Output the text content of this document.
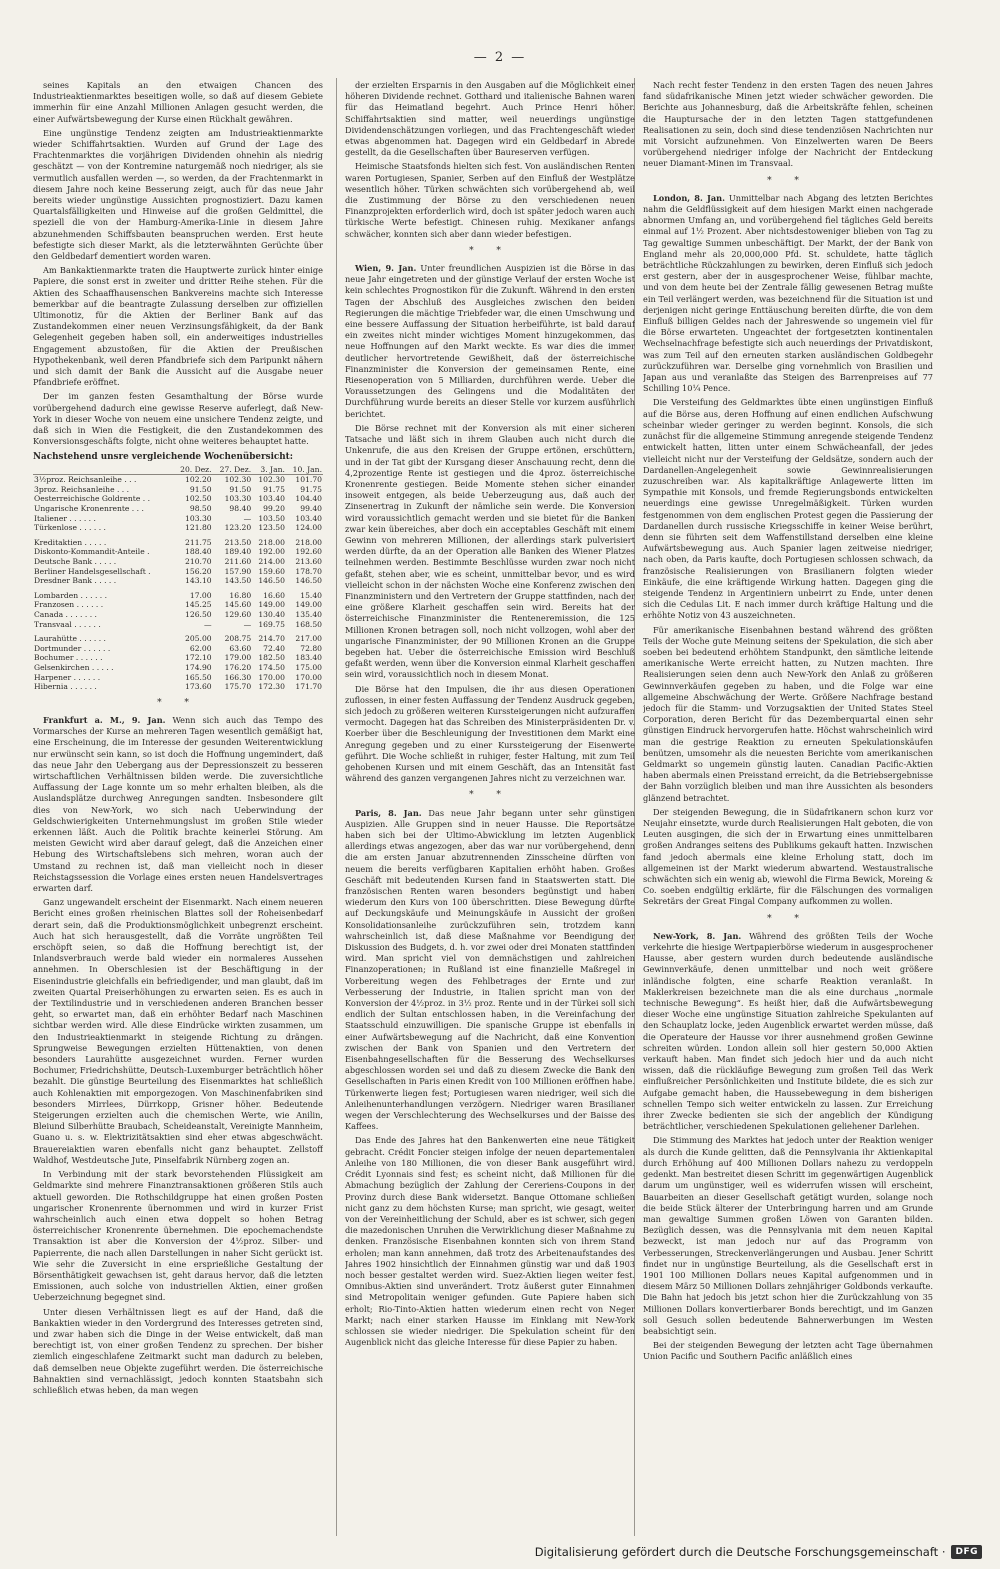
— 2 —

seines Kapitals an den etwaigen Chancen des Industrieaktienmarktes beseitigen wolle, so daß auf diesem Gebiete immerhin für eine Anzahl Millionen Anlagen gesucht werden, die einer Aufwärtsbewegung der Kurse einen Rückhalt gewähren.

Eine ungünstige Tendenz zeigten am Industrieaktienmarkte wieder Schiffahrtsaktien. Wurden auf Grund der Lage des Frachtenmarktes die vorjährigen Dividenden ohnehin als niedrig geschätzt — von der Kontremine naturgemäß noch niedriger, als sie vermutlich ausfallen werden —, so werden, da der Frachtenmarkt in diesem Jahre noch keine Besserung zeigt, auch für das neue Jahr bereits wieder ungünstige Aussichten prognostiziert. Dazu kamen Quartalsfälligkeiten und Hinweise auf die großen Geldmittel, die speziell die von der Hamburg-Amerika-Linie in diesem Jahre abzunehmenden Schiffsbauten beanspruchen werden. Erst heute befestigte sich dieser Markt, als die letzterwähnten Gerüchte über den Geldbedarf dementiert worden waren.

Am Bankaktienmarkte traten die Hauptwerte zurück hinter einige Papiere, die sonst erst in zweiter und dritter Reihe stehen. Für die Aktien des Schaaffhausenschen Bankvereins machte sich Interesse bemerkbar auf die beantragte Zulassung derselben zur offiziellen Ultimonotiz, für die Aktien der Berliner Bank auf das Zustandekommen einer neuen Verzinsungsfähigkeit, da der Bank Gelegenheit gegeben haben soll, ein anderweitiges industrielles Engagement abzustoßen, für die Aktien der Preußischen Hypothekenbank, weil deren Pfandbriefe sich dem Paripunkt nähern und sich damit der Bank die Aussicht auf die Ausgabe neuer Pfandbriefe eröffnet.

Der im ganzen festen Gesamthaltung der Börse wurde vorübergehend dadurch eine gewisse Reserve auferlegt, daß New-York in dieser Woche von neuem eine unsichere Tendenz zeigte, und daß sich in Wien die Festigkeit, die den Zustandekommen des Konversionsgeschäfts folgte, nicht ohne weiteres behauptet hatte.

Nachstehend unsre vergleichende Wochenübersicht:
	20. Dez.	27. Dez.	3. Jan.	10. Jan.
3½proz. Reichsanleihe . . .	102.20	102.30	102.30	101.70
3proz. Reichsanleihe . . .	91.50	91.50	91.75	91.75
Oesterreichische Goldrente . .	102.50	103.30	103.40	104.40
Ungarische Kronenrente . . .	98.50	98.40	99.20	99.40
Italiener . . . . . .	103.30	—	103.50	103.40
Türkenlose . . . . . .	121.80	123.20	123.50	124.00

Kreditaktien . . . . .	211.75	213.50	218.00	218.00
Diskonto-Kommandit-Anteile .	188.40	189.40	192.00	192.60
Deutsche Bank . . . . .	210.70	211.60	214.00	213.60
Berliner Handelsgesellschaft .	156.20	157.90	159.60	178.70
Dresdner Bank . . . . .	143.10	143.50	146.50	146.50

Lombarden . . . . . .	17.00	16.80	16.60	15.40
Franzosen . . . . . .	145.25	145.60	149.00	149.00
Canada . . . . . . .	126.50	129.60	130.40	135.40
Transvaal . . . . . .	—	—	169.75	168.50

Laurahütte . . . . . .	205.00	208.75	214.70	217.00
Dortmunder . . . . . .	62.00	63.60	72.40	72.80
Bochumer . . . . . .	172.10	179.00	182.50	183.40
Gelsenkirchen . . . . .	174.90	176.20	174.50	175.00
Harpener . . . . . .	165.50	166.30	170.00	170.00
Hibernia . . . . . .	173.60	175.70	172.30	171.70
* *

Frankfurt a. M., 9. Jan. Wenn sich auch das Tempo des Vormarsches der Kurse an mehreren Tagen wesentlich gemäßigt hat, eine Erscheinung, die im Interesse der gesunden Weiterentwicklung nur erwünscht sein kann, so ist doch die Hoffnung ungemindert, daß das neue Jahr den Uebergang aus der Depressionszeit zu besseren wirtschaftlichen Verhältnissen bilden werde. Die zuversichtliche Auffassung der Lage konnte um so mehr erhalten bleiben, als die Auslandsplätze durchweg Anregungen sandten. Insbesondere gilt dies von New-York, wo sich nach Ueberwindung der Geldschwierigkeiten Unternehmungslust im großen Stile wieder erkennen läßt. Auch die Politik brachte keinerlei Störung. Am meisten Gewicht wird aber darauf gelegt, daß die Anzeichen einer Hebung des Wirtschaftslebens sich mehren, woran auch der Umstand zu rechnen ist, daß man vielleicht noch in dieser Reichstagssession die Vorlage eines ersten neuen Handelsvertrages erwarten darf.

Ganz ungewandelt erscheint der Eisenmarkt. Nach einem neueren Bericht eines großen rheinischen Blattes soll der Roheisenbedarf derart sein, daß die Produktionsmöglichkeit unbegrenzt erscheint. Auch hat sich herausgestellt, daß die Vorräte ungrößten Teil erschöpft seien, so daß die Hoffnung berechtigt ist, der Inlandsverbrauch werde bald wieder ein normaleres Aussehen annehmen. In Oberschlesien ist der Beschäftigung in der Eisenindustrie gleichfalls ein befriedigender, und man glaubt, daß im zweiten Quartal Preiserhöhungen zu erwarten seien. Es es auch in der Textilindustrie und in verschiedenen anderen Branchen besser geht, so erwartet man, daß ein erhöhter Bedarf nach Maschinen sichtbar werden wird. Alle diese Eindrücke wirkten zusammen, um den Industrieaktienmarkt in steigende Richtung zu drängen. Sprungweise Bewegungen erzielten Hüttenaktien, von denen besonders Laurahütte ausgezeichnet wurden. Ferner wurden Bochumer, Friedrichshütte, Deutsch-Luxemburger beträchtlich höher bezahlt. Die günstige Beurteilung des Eisenmarktes hat schließlich auch Kohlenaktien mit emporgezogen. Von Maschinenfabriken sind besonders Mirrlees, Dürrkopp, Grisner höher. Bedeutende Steigerungen erzielten auch die chemischen Werte, wie Anilin, Bleiund Silberhütte Braubach, Scheideanstalt, Vereinigte Mannheim, Guano u. s. w. Elektrizitätsaktien sind eher etwas abgeschwächt. Brauereiaktien waren ebenfalls nicht ganz behauptet. Zellstoff Waldhof, Westdeutsche Jute, Pinselfabrik Nürnberg zogen an.

In Verbindung mit der stark bevorstehenden Flüssigkeit am Geldmarkte sind mehrere Finanztransaktionen größeren Stils auch aktuell geworden. Die Rothschildgruppe hat einen großen Posten ungarischer Kronenrente übernommen und wird in kurzer Frist wahrscheinlich auch einen etwa doppelt so hohen Betrag österreichischer Kronenrente übernehmen. Die epochemachendste Transaktion ist aber die Konversion der 4½proz. Silber- und Papierrente, die nach allen Darstellungen in naher Sicht gerückt ist. Wie sehr die Zuversicht in eine ersprießliche Gestaltung der Börsenthätigkeit gewachsen ist, geht daraus hervor, daß die letzten Emissionen, auch solche von industriellen Aktien, einer großen Ueberzeichnung begegnet sind.

Unter diesen Verhältnissen liegt es auf der Hand, daß die Bankaktien wieder in den Vordergrund des Interesses getreten sind, und zwar haben sich die Dinge in der Weise entwickelt, daß man berechtigt ist, von einer großen Tendenz zu sprechen. Der bisher ziemlich eingeschlafene Zeitmarkt sucht man dadurch zu beleben, daß demselben neue Objekte zugeführt werden. Die österreichische Bahnaktien sind vernachlässigt, jedoch konnten Staatsbahn sich schließlich etwas heben, da man wegen

der erzielten Ersparnis in den Ausgaben auf die Möglichkeit einer höheren Dividende rechnet. Gotthard und italienische Bahnen waren für das Heimatland begehrt. Auch Prince Henri höher. Schiffahrtsaktien sind matter, weil neuerdings ungünstige Dividendenschätzungen vorliegen, und das Frachtengeschäft wieder etwas abgenommen hat. Dagegen wird ein Geldbedarf in Abrede gestellt, da die Gesellschaften über Baureserven verfügen.

Heimische Staatsfonds hielten sich fest. Von ausländischen Renten waren Portugiesen, Spanier, Serben auf den Einfluß der Westplätze wesentlich höher. Türken schwächten sich vorübergehend ab, weil die Zustimmung der Börse zu den verschiedenen neuen Finanzprojekten erforderlich wird, doch ist später jedoch waren auch türkische Werte befestigt. Chinesen ruhig. Mexikaner anfangs schwächer, konnten sich aber dann wieder befestigen.

* *

Wien, 9. Jan. Unter freundlichen Auspizien ist die Börse in das neue Jahr eingetreten und der günstige Verlauf der ersten Woche ist kein schlechtes Prognostikon für die Zukunft. Während in den ersten Tagen der Abschluß des Ausgleiches zwischen den beiden Regierungen die mächtige Triebfeder war, die einen Umschwung und eine bessere Auffassung der Situation herbeiführte, ist bald darauf ein zweites nicht minder wichtiges Moment hinzugekommen, das neue Hoffnungen auf den Markt weckte. Es war dies die immer deutlicher hervortretende Gewißheit, daß der österreichische Finanzminister die Konversion der gemeinsamen Rente, eine Riesenoperation von 5 Milliarden, durchführen werde. Ueber die Voraussetzungen des Gelingens und die Modalitäten der Durchführung wurde bereits an dieser Stelle vor kurzem ausführlich berichtet.

Die Börse rechnet mit der Konversion als mit einer sicheren Tatsache und läßt sich in ihrem Glauben auch nicht durch die Unkenrufe, die aus den Kreisen der Gruppe ertönen, erschüttern, und in der Tat gibt der Kursgang dieser Anschauung recht, denn die 4,2prozentige Rente ist gestiegen und die 4proz. österreichische Kronenrente gestiegen. Beide Momente stehen sicher einander insoweit entgegen, als beide Ueberzeugung aus, daß auch der Zinsenertrag in Zukunft der nämliche sein werde. Die Konversion wird voraussichtlich gemacht werden und sie bietet für die Banken zwar kein übereiches, aber doch ein acceptables Geschäft mit einem Gewinn von mehreren Millionen, der allerdings stark pulverisiert werden dürfte, da an der Operation alle Banken des Wiener Platzes teilnehmen werden. Bestimmte Beschlüsse wurden zwar noch nicht gefaßt, stehen aber, wie es scheint, unmittelbar bevor, und es wird vielleicht schon in der nächsten Woche eine Konferenz zwischen den Finanzministern und den Vertretern der Gruppe stattfinden, nach der eine größere Klarheit geschaffen sein wird. Bereits hat der österreichische Finanzminister die Renteneremission, die 125 Millionen Kronen betragen soll, noch nicht vollzogen, wohl aber der ungarische Finanzminister, der 90 Millionen Kronen an die Gruppe begeben hat. Ueber die österreichische Emission wird Beschluß gefaßt werden, wenn über die Konversion einmal Klarheit geschaffen sein wird, voraussichtlich noch in diesem Monat.

Die Börse hat den Impulsen, die ihr aus diesen Operationen zuflossen, in einer festen Auffassung der Tendenz Ausdruck gegeben, sich jedoch zu größeren weiteren Kurssteigerungen nicht aufzuraffen vermocht. Dagegen hat das Schreiben des Ministerpräsidenten Dr. v. Koerber über die Beschleunigung der Investitionen dem Markt eine Anregung gegeben und zu einer Kurssteigerung der Eisenwerte geführt. Die Woche schließt in ruhiger, fester Haltung, mit zum Teil gehobenen Kursen und mit einem Geschäft, das an Intensität fast während des ganzen vergangenen Jahres nicht zu verzeichnen war.

* *

Paris, 8. Jan. Das neue Jahr begann unter sehr günstigen Auspizien. Alle Gruppen sind in neuer Hausse. Die Reportsätze haben sich bei der Ultimo-Abwicklung im letzten Augenblick allerdings etwas angezogen, aber das war nur vorübergehend, denn die am ersten Januar abzutrennenden Zinsscheine dürften von neuem die bereits verfügbaren Kapitalien erhöht haben. Großes Geschäft mit bedeutenden Kursen fand in Staatswerten statt. Die französischen Renten waren besonders begünstigt und haben wiederum den Kurs von 100 überschritten. Diese Bewegung dürfte auf Deckungskäufe und Meinungskäufe in Aussicht der großen Konsolidationsanleihe zurückzuführen sein, trotzdem kann wahrscheinlich ist, daß diese Maßnahme vor Beendigung der Diskussion des Budgets, d. h. vor zwei oder drei Monaten stattfinden wird. Man spricht viel von demnächstigen und zahlreichen Finanzoperationen; in Rußland ist eine finanzielle Maßregel in Vorbereitung wegen des Fehlbetrages der Ernte und zur Verbesserung der Industrie, in Italien spricht man von der Konversion der 4½proz. in 3½ proz. Rente und in der Türkei soll sich endlich der Sultan entschlossen haben, in die Vereinfachung der Staatsschuld einzuwilligen. Die spanische Gruppe ist ebenfalls in einer Aufwärtsbewegung auf die Nachricht, daß eine Konvention zwischen der Bank von Spanien und den Vertretern der Eisenbahngesellschaften für die Besserung des Wechselkurses abgeschlossen worden sei und daß zu diesem Zwecke die Bank den Gesellschaften in Paris einen Kredit von 100 Millionen eröffnen habe. Türkenwerte liegen fest; Portugiesen waren niedriger, weil sich die Anleihenunterhandlungen verzögern. Niedriger waren Brasilianer wegen der Verschlechterung des Wechselkurses und der Baisse des Kaffees.

Das Ende des Jahres hat den Bankenwerten eine neue Tätigkeit gebracht. Crédit Foncier steigen infolge der neuen departementalen Anleihe von 180 Millionen, die von dieser Bank ausgeführt wird. Crédit Lyonnais sind fest; es scheint nicht, daß Millionen für die Abmachung bezüglich der Zahlung der Cereriens-Coupons in der Provinz durch diese Bank widersetzt. Banque Ottomane schließen nicht ganz zu dem höchsten Kurse; man spricht, wie gesagt, weiter von der Vereinheitlichung der Schuld, aber es ist schwer, sich gegen die mazedonischen Unruhen die Verwirklichung dieser Maßnahme zu denken. Französische Eisenbahnen konnten sich von ihrem Stand erholen; man kann annehmen, daß trotz des Arbeitenaufstandes des Jahres 1902 hinsichtlich der Einnahmen günstig war und daß 1903 noch besser gestaltet werden wird. Suez-Aktien liegen weiter fest. Omnibus-Aktien sind unverändert. Trotz äußerst guter Einnahmen sind Metropolitain weniger gefunden. Gute Papiere haben sich erholt; Rio-Tinto-Aktien hatten wiederum einen recht von Neger Markt; nach einer starken Hausse im Einklang mit New-York schlossen sie wieder niedriger. Die Spekulation scheint für den Augenblick nicht das gleiche Interesse für diese Papier zu haben.

Nach recht fester Tendenz in den ersten Tagen des neuen Jahres fand südafrikanische Minen jetzt wieder schwächer geworden. Die Berichte aus Johannesburg, daß die Arbeitskräfte fehlen, scheinen die Hauptursache der in den letzten Tagen stattgefundenen Realisationen zu sein, doch sind diese tendenziösen Nachrichten nur mit Vorsicht aufzunehmen. Von Einzelwerten waren De Beers vorübergehend niedriger infolge der Nachricht der Entdeckung neuer Diamant-Minen im Transvaal.

* *

London, 8. Jan. Unmittelbar nach Abgang des letzten Berichtes nahm die Geldflüssigkeit auf dem hiesigen Markt einen nachgerade abnormen Umfang an, und vorübergehend fiel tägliches Geld bereits einmal auf 1½ Prozent. Aber nichtsdestoweniger blieben von Tag zu Tag gewaltige Summen unbeschäftigt. Der Markt, der der Bank von England mehr als 20,000,000 Pfd. St. schuldete, hatte täglich beträchtliche Rückzahlungen zu bewirken, deren Einfluß sich jedoch erst gestern, aber der in ausgesprochener Weise, fühlbar machte, und von dem heute bei der Zentrale fällig gewesenen Betrag mußte ein Teil verlängert werden, was bezeichnend für die Situation ist und derjenigen nicht geringe Enttäuschung bereiten dürfte, die von dem Einfluß billigen Geldes nach der Jahreswende so ungemein viel für die Börse erwarteten. Ungeachtet der fortgesetzten kontinentalen Wechselnachfrage befestigte sich auch neuerdings der Privatdiskont, was zum Teil auf den erneuten starken ausländischen Goldbegehr zurückzuführen war. Derselbe ging vornehmlich von Brasilien und Japan aus und veranlaßte das Steigen des Barrenpreises auf 77 Schilling 10¼ Pence.

Die Versteifung des Geldmarktes übte einen ungünstigen Einfluß auf die Börse aus, deren Hoffnung auf einen endlichen Aufschwung scheinbar wieder geringer zu werden beginnt. Konsols, die sich zunächst für die allgemeine Stimmung anregende steigende Tendenz entwickelt hatten, litten unter einem Schwächeanfall, der jedes vielleicht nicht nur der Versteifung der Geldsätze, sondern auch der Dardanellen-Angelegenheit sowie Gewinnrealisierungen zuzuschreiben war. Als kapitalkräftige Anlagewerte litten im Sympathie mit Konsols, und fremde Regierungsbonds entwickelten neuerdings eine gewisse Unregelmäßigkeit. Türken wurden festgenommen von dem englischen Protest gegen die Passierung der Dardanellen durch russische Kriegsschiffe in keiner Weise berührt, denn sie führten seit dem Waffenstillstand derselben eine kleine Aufwärtsbewegung aus. Auch Spanier lagen zeitweise niedriger, nach oben, da Paris kaufte, doch Portugiesen schlossen schwach, da französische Realisierungen von Brasilianern folgten wieder Einkäufe, die eine kräftigende Wirkung hatten. Dagegen ging die steigende Tendenz in Argentiniern unbeirrt zu Ende, unter denen sich die Cedulas Lit. E nach immer durch kräftige Haltung und die erhöhte Notiz von 43 auszeichneten.

Für amerikanische Eisenbahnen bestand während des größten Teils der Woche gute Meinung seitens der Spekulation, die sich aber soeben bei bedeutend erhöhtem Standpunkt, den sämtliche leitende amerikanische Werte erreicht hatten, zu Nutzen machten. Ihre Realisierungen seien denn auch New-York den Anlaß zu größeren Gewinnverkäufen gegeben zu haben, und die Folge war eine allgemeine Abschwächung der Werte. Größere Nachfrage bestand jedoch für die Stamm- und Vorzugsaktien der United States Steel Corporation, deren Bericht für das Dezemberquartal einen sehr günstigen Eindruck hervorgerufen hatte. Höchst wahrscheinlich wird man die gestrige Reaktion zu erneuten Spekulationskäufen benützen, umsomehr als die neuesten Berichte vom amerikanischen Geldmarkt so ungemein günstig lauten. Canadian Pacific-Aktien haben abermals einen Preisstand erreicht, da die Betriebsergebnisse der Bahn vorzüglich bleiben und man ihre Aussichten als besonders glänzend betrachtet.

Der steigenden Bewegung, die in Südafrikanern schon kurz vor Neujahr einsetzte, wurde durch Realisierungen Halt geboten, die von Leuten ausgingen, die sich der in Erwartung eines unmittelbaren großen Andranges seitens des Publikums gekauft hatten. Inzwischen fand jedoch abermals eine kleine Erholung statt, doch im allgemeinen ist der Markt wiederum abwartend. Westaustralische schwächten sich ein wenig ab, wiewohl die Firma Bewick, Moreing & Co. soeben endgültig erklärte, für die Fälschungen des vormaligen Sekretärs der Great Fingal Company aufkommen zu wollen.

* *

New-York, 8. Jan. Während des größten Teils der Woche verkehrte die hiesige Wertpapierbörse wiederum in ausgesprochener Hausse, aber gestern wurden durch bedeutende ausländische Gewinnverkäufe, denen unmittelbar und noch weit größere inländische folgten, eine scharfe Reaktion veranlaßt. In Maklerkreisen bezeichnete man die als eine durchaus „normale technische Bewegung“. Es heißt hier, daß die Aufwärtsbewegung dieser Woche eine ungünstige Situation zahlreiche Spekulanten auf den Schauplatz locke, jeden Augenblick erwartet werden müsse, daß die Operateure der Hausse vor ihrer ausnehmend großen Gewinne schreiten würden. London allein soll hier gestern 50,000 Aktien verkauft haben. Man findet sich jedoch hier und da auch nicht wissen, daß die rückläufige Bewegung zum großen Teil das Werk einflußreicher Persönlichkeiten und Institute bildete, die es sich zur Aufgabe gemacht haben, die Haussebewegung in dem bisherigen schnellen Tempo sich weiter entwickeln zu lassen. Zur Erreichung ihrer Zwecke bedienten sie sich der angeblich der Kündigung beträchtlicher, verschiedenen Spekulationen geliehener Darlehen.

Die Stimmung des Marktes hat jedoch unter der Reaktion weniger als durch die Kunde gelitten, daß die Pennsylvania ihr Aktienkapital durch Erhöhung auf 400 Millionen Dollars nahezu zu verdoppeln gedenkt. Man bestreitet diesen Schritt im gegenwärtigen Augenblick darum um ungünstiger, weil es widerrufen wissen will erscheint, Bauarbeiten an dieser Gesellschaft getätigt wurden, solange noch die beide Stück älterer der Unterbringung harren und am Grunde man gewaltige Summen großen Löwen von Garanten bilden. Bezüglich dessen, was die Pennsylvania mit dem neuen Kapital bezweckt, ist man jedoch nur auf das Programm von Verbesserungen, Streckenverlängerungen und Ausbau. Jener Schritt findet nur in ungünstige Beurteilung, als die Gesellschaft erst in 1901 100 Millionen Dollars neues Kapital aufgenommen und in diesem März 50 Millionen Dollars zehnjähriger Goldbonds verkaufte. Die Bahn hat jedoch bis jetzt schon hier die Zurückzahlung von 35 Millionen Dollars konvertierbarer Bonds berechtigt, und im Ganzen soll Gesuch sollen bedeutende Bahnerwerbungen im Westen beabsichtigt sein.

Bei der steigenden Bewegung der letzten acht Tage übernahmen Union Pacific und Southern Pacific anläßlich eines

Digitalisierung gefördert durch die Deutsche Forschungsgemeinschaft ·	DFG
